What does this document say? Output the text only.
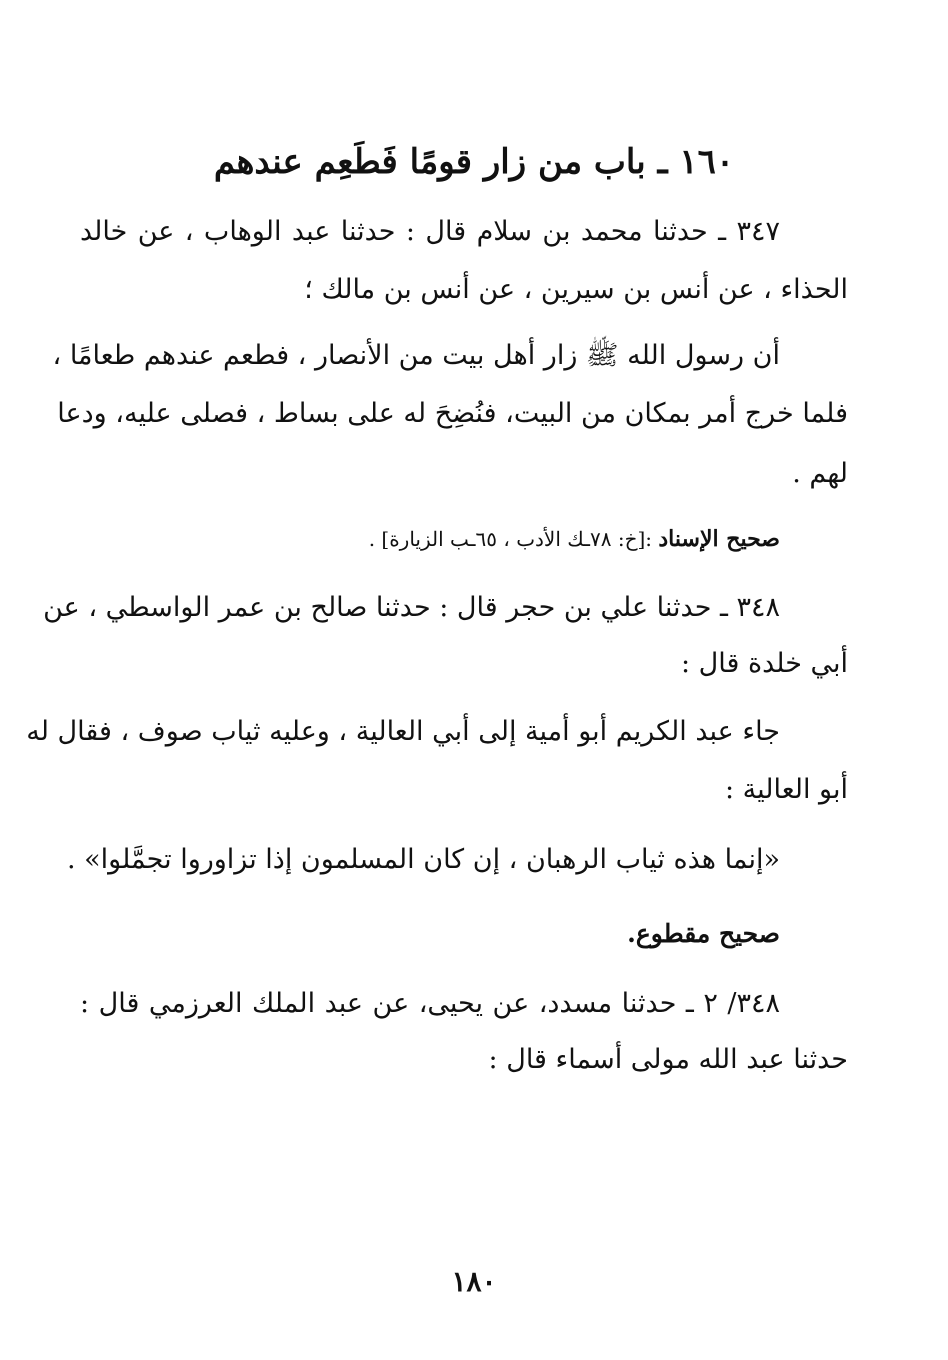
١٦٠ ـ باب من زار قومًا فَطَعِم عندهم
٣٤٧ ـ حدثنا محمد بن سلام قال : حدثنا عبد الوهاب ، عن خالد
الحذاء ، عن أنس بن سيرين ، عن أنس بن مالك ؛
أن رسول الله ﷺ زار أهل بيت من الأنصار ، فطعم عندهم طعامًا ،
فلما خرج أمر بمكان من البيت، فنُضِحَ له على بساط ، فصلى عليه، ودعا
لهم .
صحيح الإسناد :[خ: ٧٨ـك الأدب ، ٦٥ـب الزيارة] .
٣٤٨ ـ حدثنا علي بن حجر قال : حدثنا صالح بن عمر الواسطي ، عن
أبي خلدة قال :
جاء عبد الكريم أبو أمية إلى أبي العالية ، وعليه ثياب صوف ، فقال له
أبو العالية :
«إنما هذه ثياب الرهبان ، إن كان المسلمون إذا تزاوروا تجمَّلوا» .
صحيح مقطوع.
٣٤٨/ ٢ ـ حدثنا مسدد، عن يحيى، عن عبد الملك العرزمي قال :
حدثنا عبد الله مولى أسماء قال :
١٨٠
